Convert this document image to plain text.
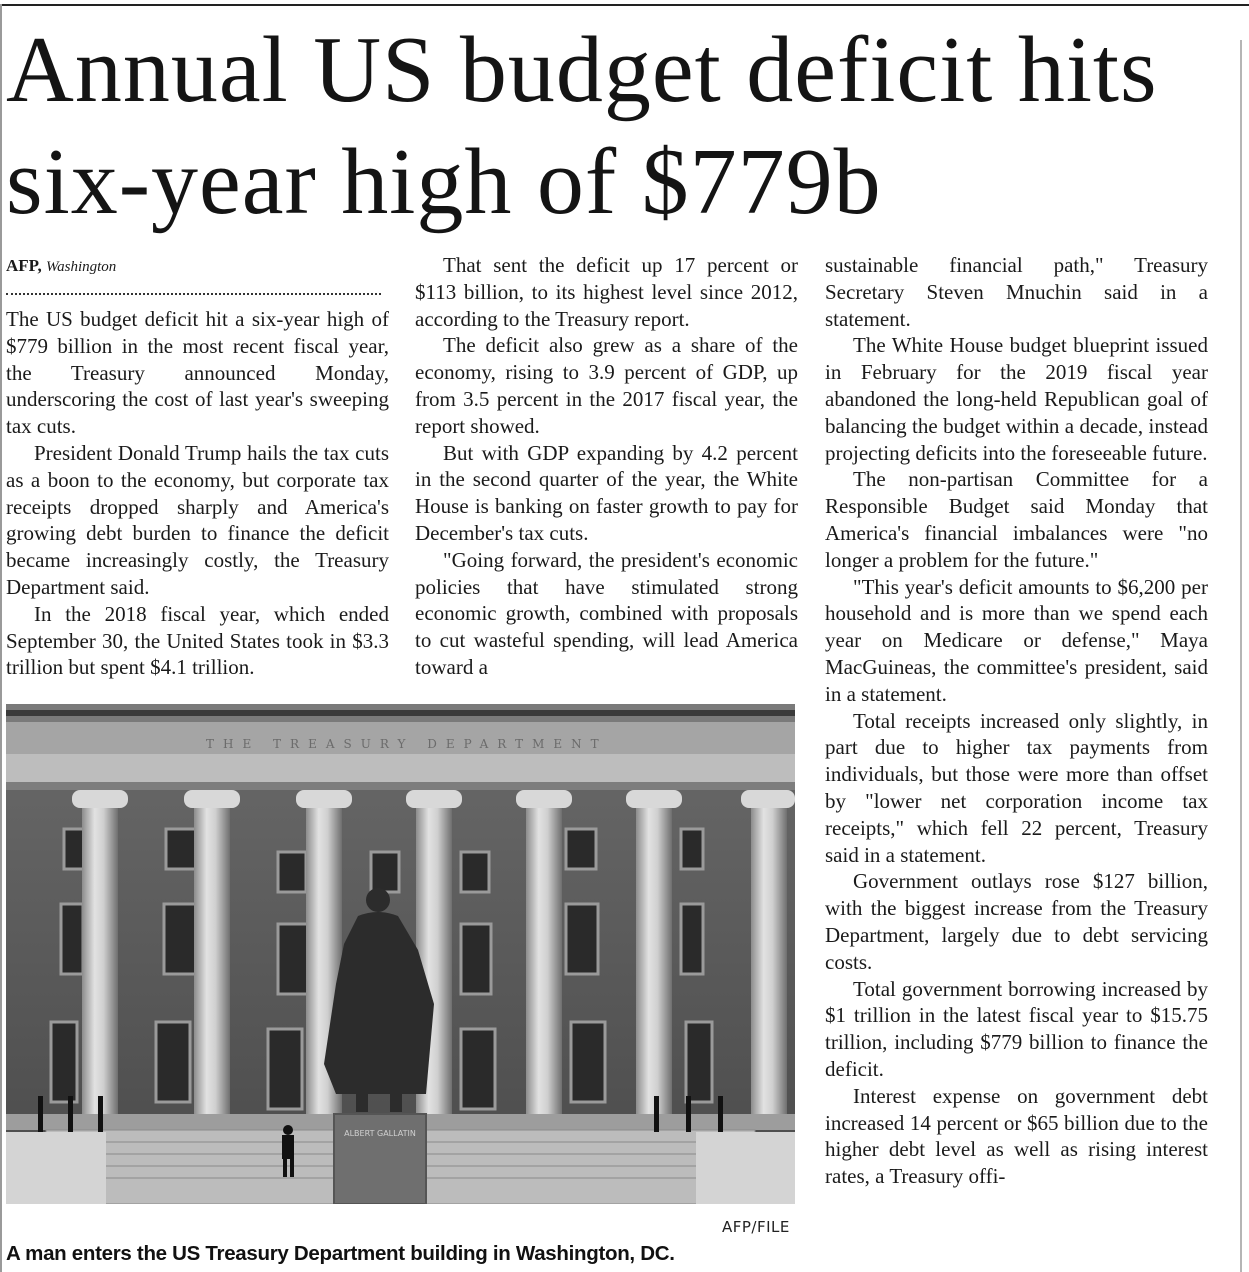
Annual US budget deficit hits six-year high of $779b
AFP, Washington

The US budget deficit hit a six-year high of $779 billion in the most recent fiscal year, the Treasury announced Monday, underscoring the cost of last year's sweeping tax cuts.

President Donald Trump hails the tax cuts as a boon to the economy, but corporate tax receipts dropped sharply and America's growing debt burden to finance the deficit became increasingly costly, the Treasury Department said.

In the 2018 fiscal year, which ended September 30, the United States took in $3.3 trillion but spent $4.1 trillion.

That sent the deficit up 17 percent or $113 billion, to its highest level since 2012, according to the Treasury report.

The deficit also grew as a share of the economy, rising to 3.9 percent of GDP, up from 3.5 percent in the 2017 fiscal year, the report showed.

But with GDP expanding by 4.2 percent in the second quarter of the year, the White House is banking on faster growth to pay for December's tax cuts.

"Going forward, the president's economic policies that have stimulated strong economic growth, combined with proposals to cut wasteful spending, will lead America toward a

sustainable financial path," Treasury Secretary Steven Mnuchin said in a statement.

The White House budget blueprint issued in February for the 2019 fiscal year abandoned the long-held Republican goal of balancing the budget within a decade, instead projecting deficits into the foreseeable future.

The non-partisan Committee for a Responsible Budget said Monday that America's financial imbalances were "no longer a problem for the future."

"This year's deficit amounts to $6,200 per household and is more than we spend each year on Medicare or defense," Maya MacGuineas, the committee's president, said in a statement.

Total receipts increased only slightly, in part due to higher tax payments from individuals, but those were more than offset by "lower net corporation income tax receipts," which fell 22 percent, Treasury said in a statement.

Government outlays rose $127 billion, with the biggest increase from the Treasury Department, largely due to debt servicing costs.

Total government borrowing increased by $1 trillion in the latest fiscal year to $15.75 trillion, including $779 billion to finance the deficit.

Interest expense on government debt increased 14 percent or $65 billion due to the higher debt level as well as rising interest rates, a Treasury offi-

THE TREASURY DEPARTMENT
ALBERT GALLATIN
AFP/FILE
A man enters the US Treasury Department building in Washington, DC.
